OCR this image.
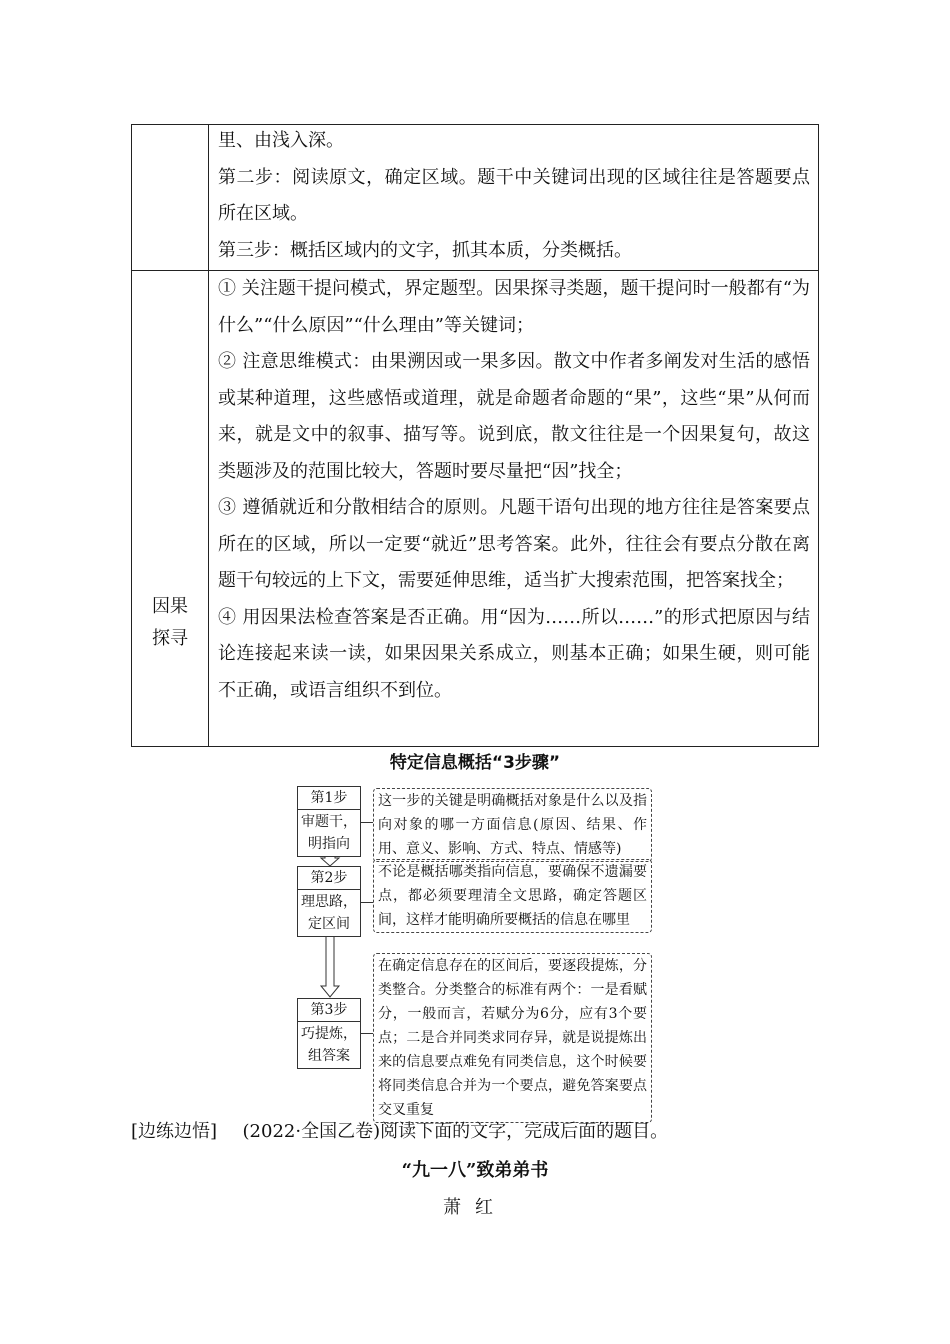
里、由浅入深。

第二步：阅读原文，确定区域。题干中关键词出现的区域往往是答题要点所在区域。

第三步：概括区域内的文字，抓其本质，分类概括。

因果
探寻

① 关注题干提问模式，界定题型。因果探寻类题，题干提问时一般都有“为什么”“什么原因”“什么理由”等关键词；

② 注意思维模式：由果溯因或一果多因。散文中作者多阐发对生活的感悟或某种道理，这些感悟或道理，就是命题者命题的“果”，这些“果”从何而来，就是文中的叙事、描写等。说到底，散文往往是一个因果复句，故这类题涉及的范围比较大，答题时要尽量把“因”找全；

③ 遵循就近和分散相结合的原则。凡题干语句出现的地方往往是答案要点所在的区域，所以一定要“就近”思考答案。此外，往往会有要点分散在离题干句较远的上下文，需要延伸思维，适当扩大搜索范围，把答案找全；

④ 用因果法检查答案是否正确。用“因为……所以……”的形式把原因与结论连接起来读一读，如果因果关系成立，则基本正确；如果生硬，则可能不正确，或语言组织不到位。

特定信息概括“3步骤”
第1步
审题干，
明指向
这一步的关键是明确概括对象是什么以及指向对象的哪一方面信息(原因、结果、作用、意义、影响、方式、特点、情感等)
第2步
理思路，
定区间
不论是概括哪类指向信息，要确保不遗漏要点，都必须要理清全文思路，确定答题区间，这样才能明确所要概括的信息在哪里
第3步
巧提炼，
组答案
在确定信息存在的区间后，要逐段提炼，分类整合。分类整合的标准有两个：一是看赋分，一般而言，若赋分为6分，应有3个要点；二是合并同类求同存异，就是说提炼出来的信息要点难免有同类信息，这个时候要将同类信息合并为一个要点，避免答案要点交叉重复
[边练边悟] (2022·全国乙卷)阅读下面的文字，完成后面的题目。
“九一八”致弟弟书
萧红
